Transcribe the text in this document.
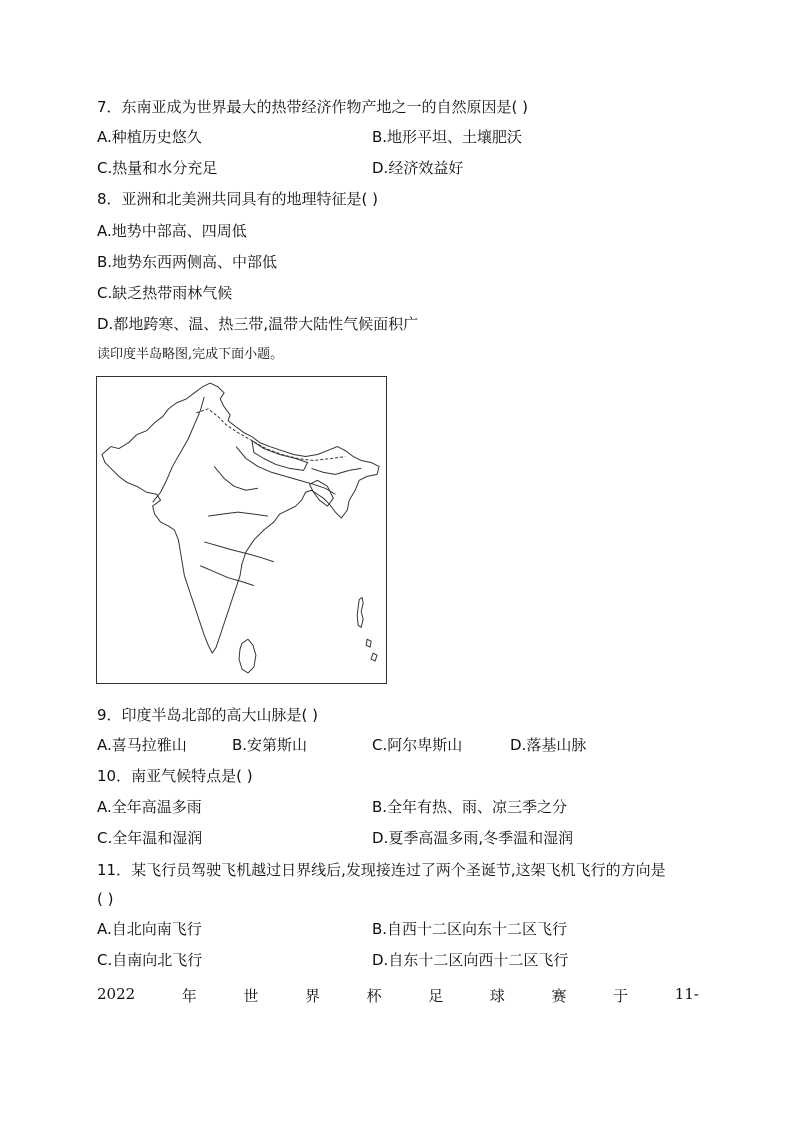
7．东南亚成为世界最大的热带经济作物产地之一的自然原因是( )
A.种植历史悠久	B.地形平坦、土壤肥沃
C.热量和水分充足	D.经济效益好
8．亚洲和北美洲共同具有的地理特征是( )
A.地势中部高、四周低
B.地势东西两侧高、中部低
C.缺乏热带雨林气候
D.都地跨寒、温、热三带,温带大陆性气候面积广
读印度半岛略图,完成下面小题。
9．印度半岛北部的高大山脉是( )
A.喜马拉雅山	B.安第斯山	C.阿尔卑斯山	D.落基山脉
10．南亚气候特点是( )
A.全年高温多雨	B.全年有热、雨、凉三季之分
C.全年温和湿润	D.夏季高温多雨,冬季温和湿润
11．某飞行员驾驶飞机越过日界线后,发现接连过了两个圣诞节,这架飞机飞行的方向是
( )
A.自北向南飞行	B.自西十二区向东十二区飞行
C.自南向北飞行	D.自东十二区向西十二区飞行
2022	年	世	界	杯	足	球	赛	于	11-
